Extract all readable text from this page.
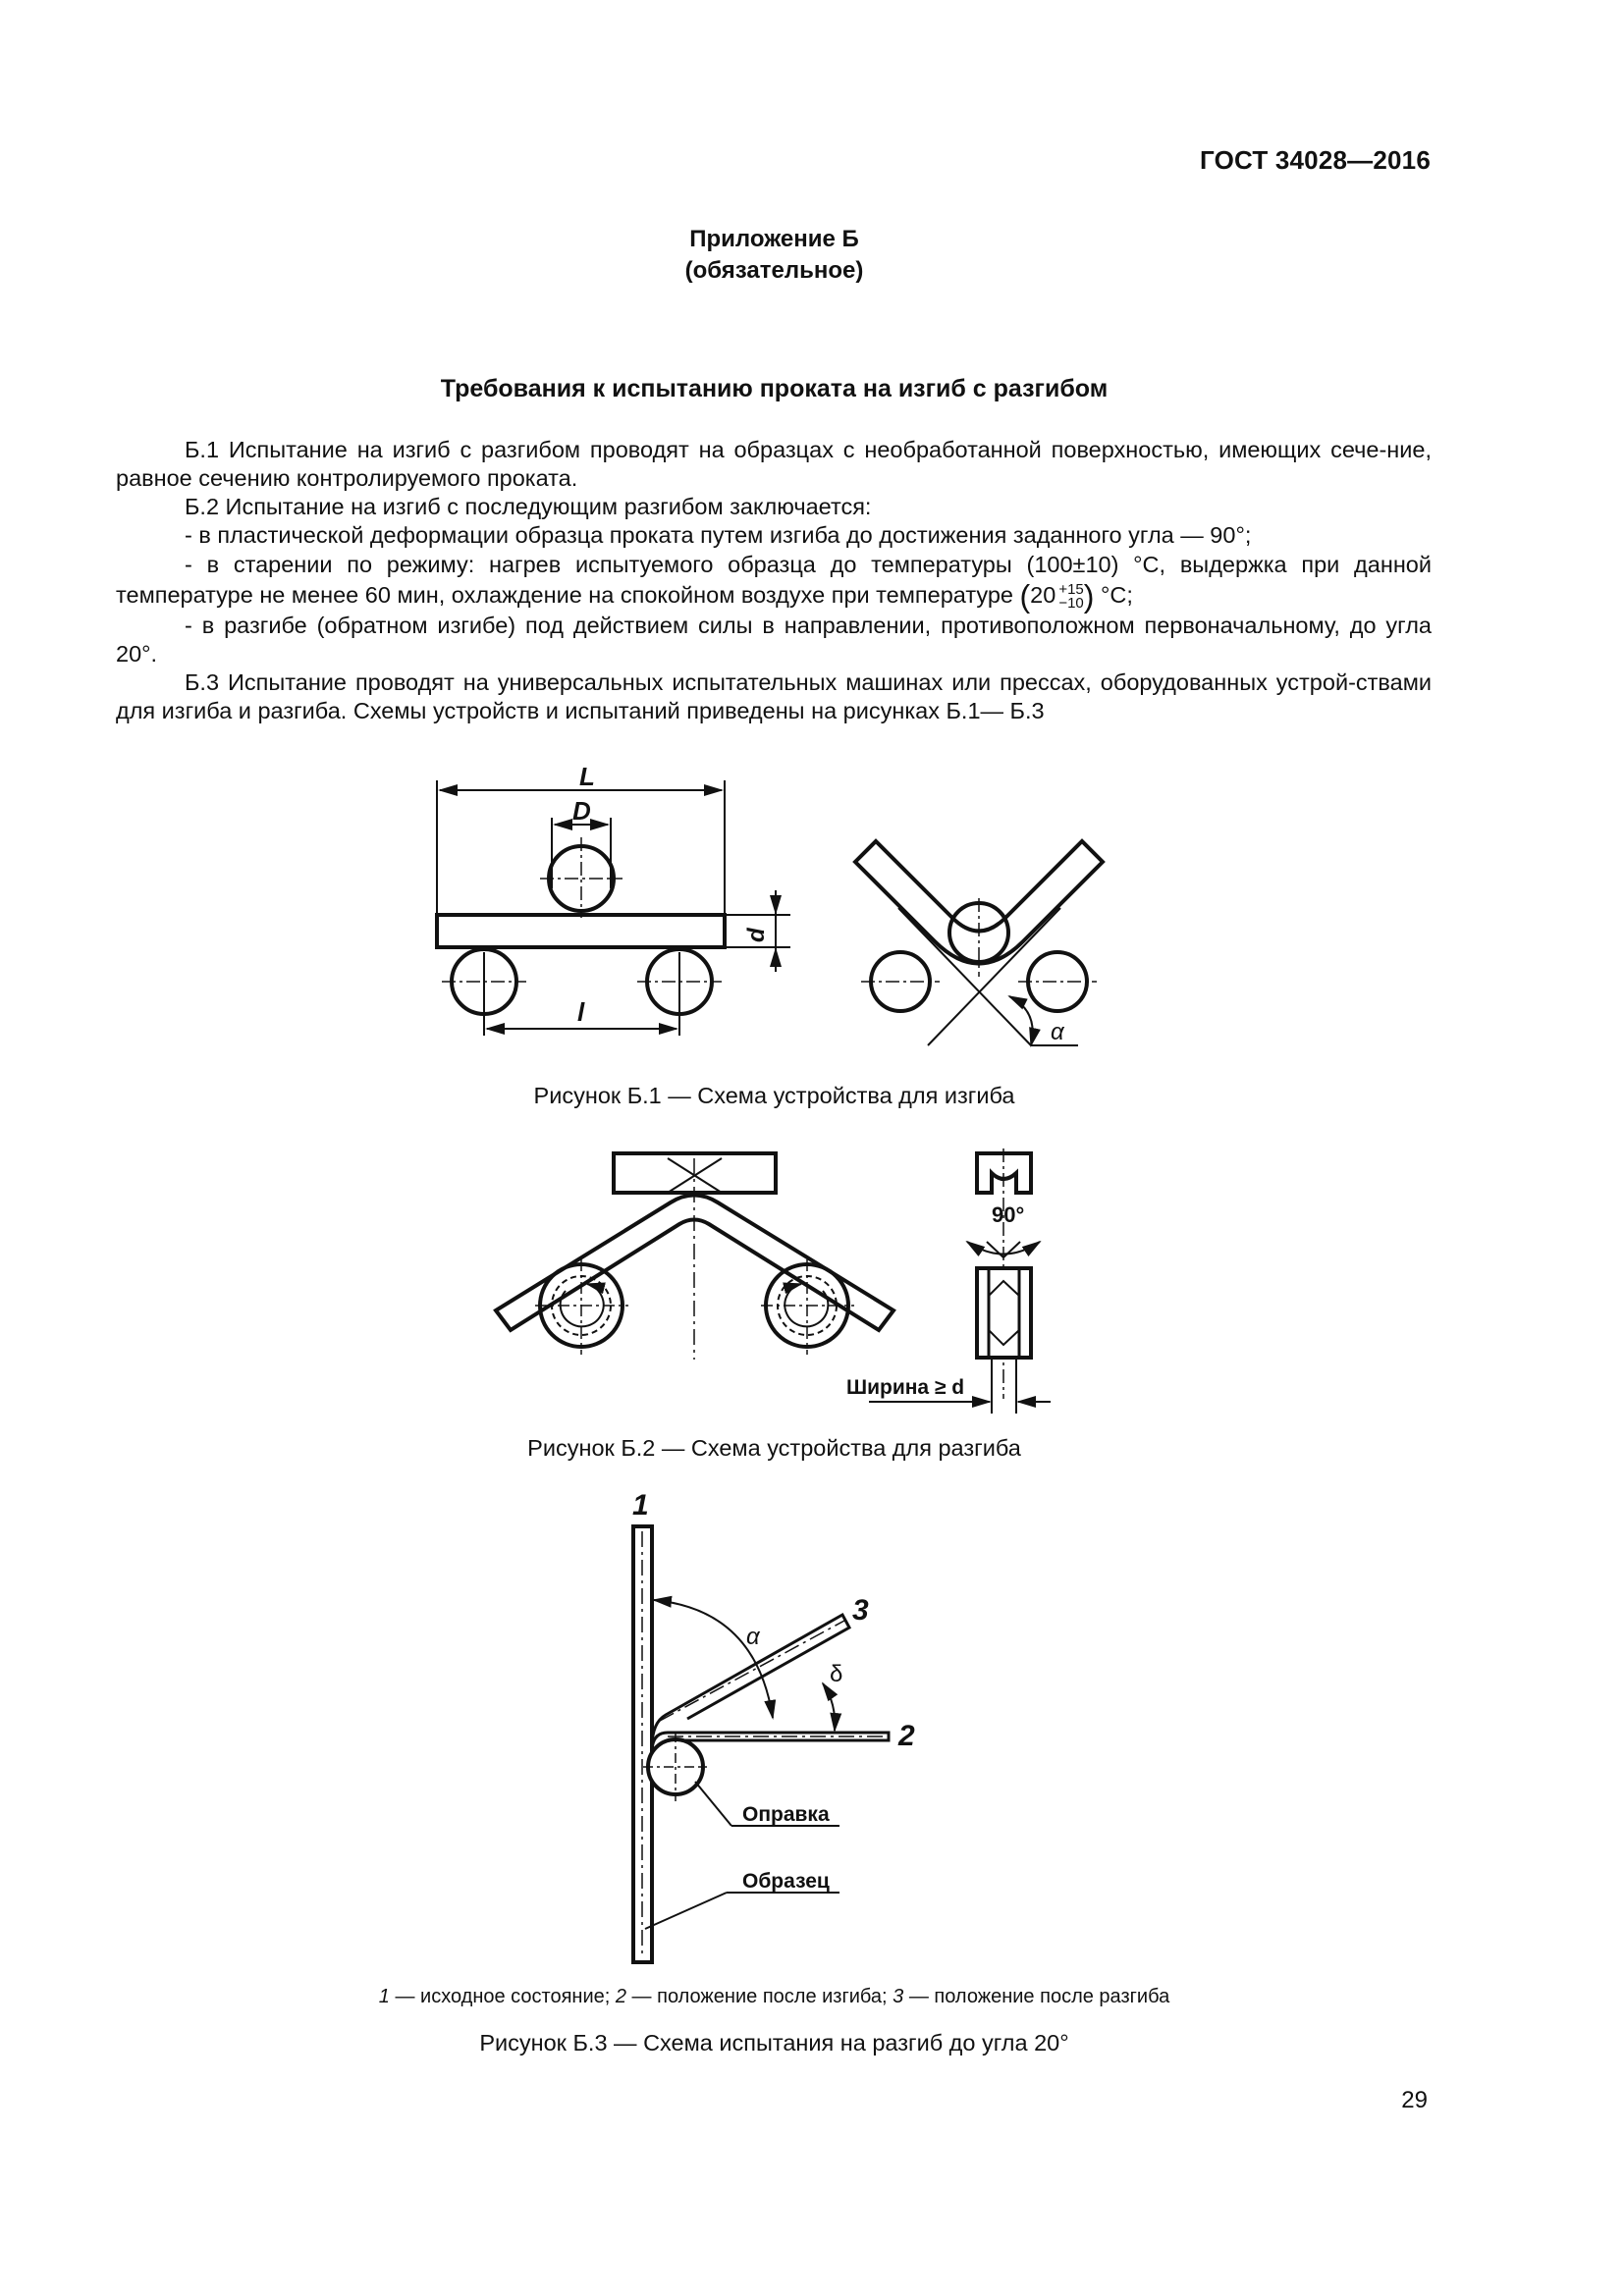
ГОСТ 34028—2016
Приложение Б
(обязательное)
Требования к испытанию проката на изгиб с разгибом

Б.1 Испытание на изгиб с разгибом проводят на образцах с необработанной поверхностью, имеющих сече-ние, равное сечению контролируемого проката.

Б.2 Испытание на изгиб с последующим разгибом заключается:

- в пластической деформации образца проката путем изгиба до достижения заданного угла — 90°;

- в старении по режиму: нагрев испытуемого образца до температуры (100±10) °С, выдержка при данной температуре не менее 60 мин, охлаждение на спокойном воздухе при температуре (20 +15
−10 ) °С;

- в разгибе (обратном изгибе) под действием силы в направлении, противоположном первоначальному, до угла 20°.

Б.3 Испытание проводят на универсальных испытательных машинах или прессах, оборудованных устрой-ствами для изгиба и разгиба. Схемы устройств и испытаний приведены на рисунках Б.1— Б.3

L
D
d
l
α
Рисунок Б.1 — Схема устройства для изгиба
90°
Ширина ≥ d
Рисунок Б.2 — Схема устройства для разгиба
1
α
δ
3
2
Оправка
Образец
1 — исходное состояние; 2 — положение после изгиба; 3 — положение после разгиба
Рисунок Б.3 — Схема испытания на разгиб до угла 20°
29
